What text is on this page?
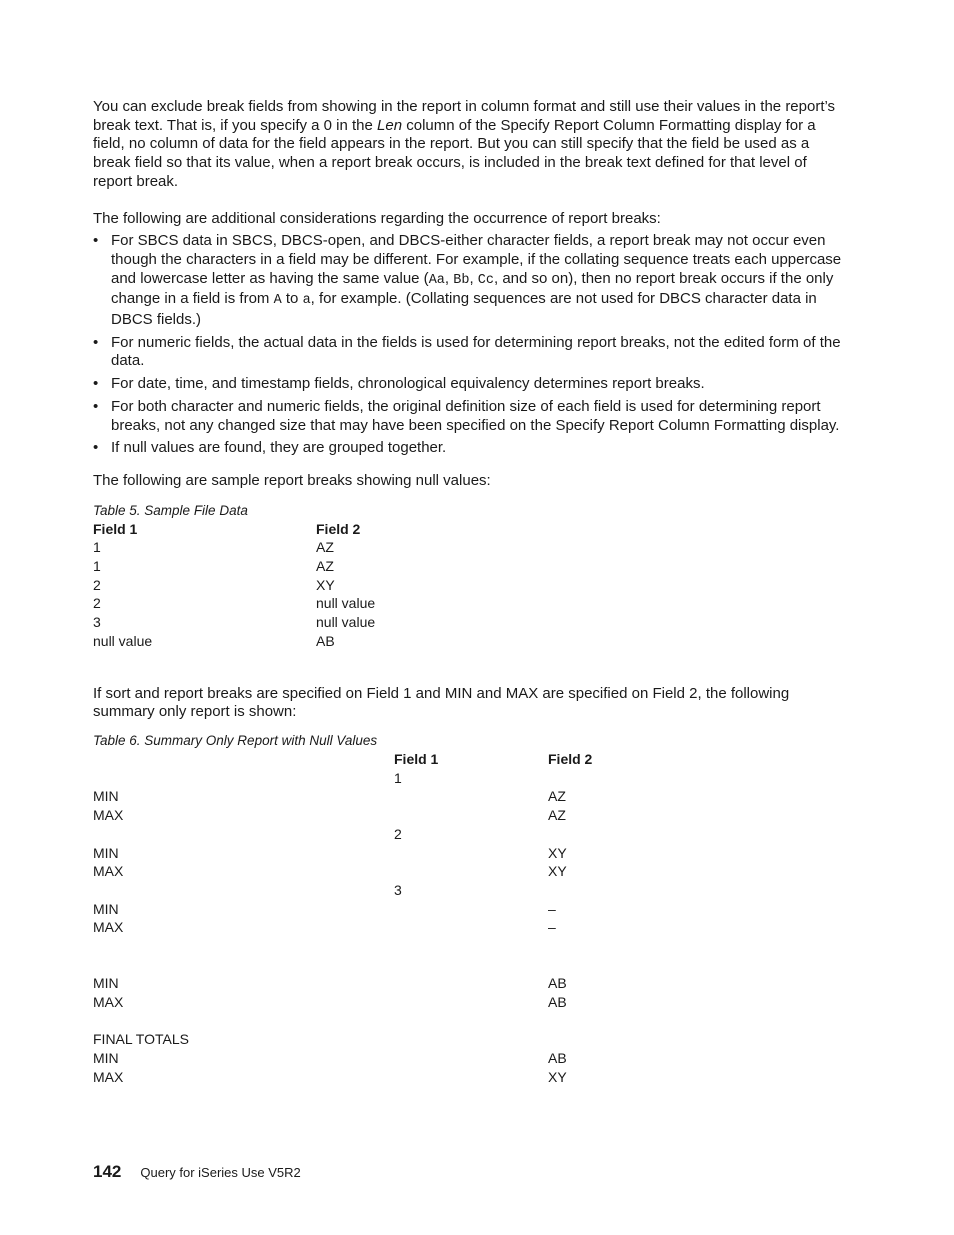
You can exclude break fields from showing in the report in column format and still use their values in the report’s break text. That is, if you specify a 0 in the Len column of the Specify Report Column Formatting display for a field, no column of data for the field appears in the report. But you can still specify that the field be used as a break field so that its value, when a report break occurs, is included in the break text defined for that level of report break.

The following are additional considerations regarding the occurrence of report breaks:

• For SBCS data in SBCS, DBCS-open, and DBCS-either character fields, a report break may not occur even though the characters in a field may be different. For example, if the collating sequence treats each uppercase and lowercase letter as having the same value (Aa, Bb, Cc, and so on), then no report break occurs if the only change in a field is from A to a, for example. (Collating sequences are not used for DBCS character data in DBCS fields.)
• For numeric fields, the actual data in the fields is used for determining report breaks, not the edited form of the data.
• For date, time, and timestamp fields, chronological equivalency determines report breaks.
• For both character and numeric fields, the original definition size of each field is used for determining report breaks, not any changed size that may have been specified on the Specify Report Column Formatting display.
• If null values are found, they are grouped together.

The following are sample report breaks showing null values:

Table 5. Sample File Data
Field 1	Field 2
1	AZ
1	AZ
2	XY
2	null value
3	null value
null value	AB

If sort and report breaks are specified on Field 1 and MIN and MAX are specified on Field 2, the following summary only report is shown:

Table 6. Summary Only Report with Null Values
	Field 1	Field 2
	1	
MIN		AZ
MAX		AZ
	2	
MIN		XY
MAX		XY
	3	
MIN		–
MAX		–

MIN		AB
MAX		AB

FINAL TOTALS		
MIN		AB
MAX		XY
142 Query for iSeries Use V5R2
